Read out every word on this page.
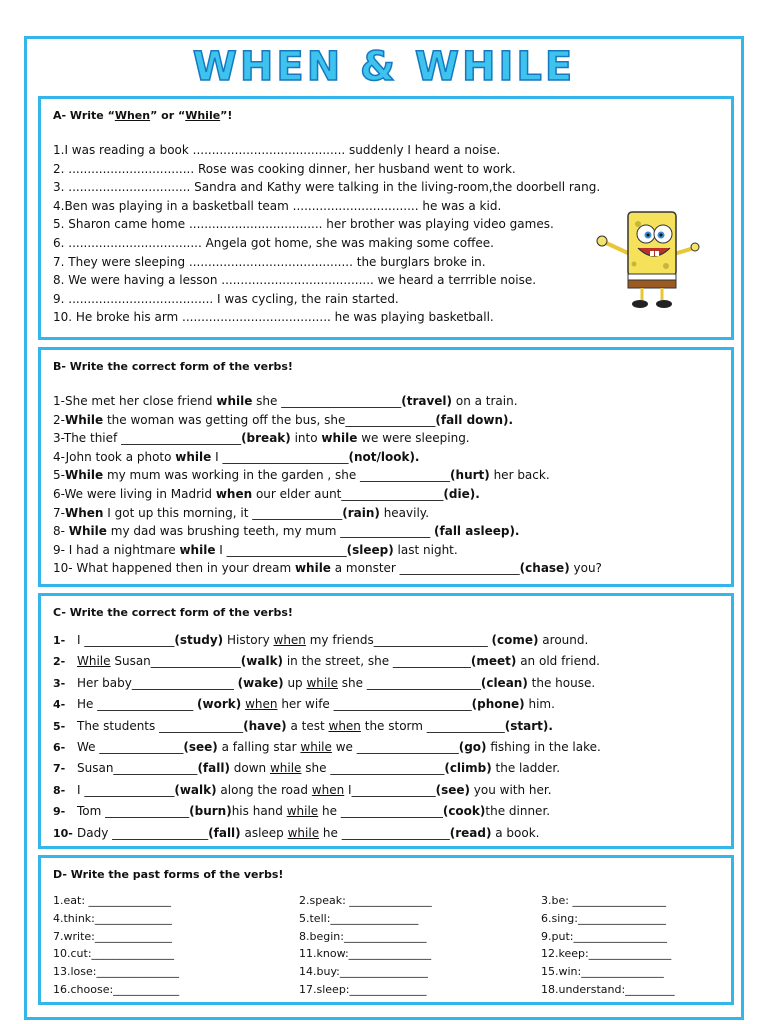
WHEN & WHILE
A- Write “When” or “While”!
1.I was reading a book ........................................ suddenly I heard a noise.
2. ................................. Rose was cooking dinner, her husband went to work.
3. ................................ Sandra and Kathy were talking in the living-room,the doorbell rang.
4.Ben was playing in a basketball team ................................. he was a kid.
5. Sharon came home ................................... her brother was playing video games.
6. ................................... Angela got home, she was making some coffee.
7. They were sleeping ........................................... the burglars broke in.
8. We were having a lesson ........................................ we heard a terrrible noise.
9. ...................................... I was cycling, the rain started.
10. He broke his arm ....................................... he was playing basketball.
B- Write the correct form of the verbs!
1-She met her close friend while she ____________________(travel) on a train.
2-While the woman was getting off the bus, she_______________(fall down).
3-The thief ____________________(break) into while we were sleeping.
4-John took a photo while I _____________________(not/look).
5-While my mum was working in the garden , she _______________(hurt) her back.
6-We were living in Madrid when our elder aunt_________________(die).
7-When I got up this morning, it _______________(rain) heavily.
8- While my dad was brushing teeth, my mum _______________ (fall asleep).
9- I had a nightmare while I ____________________(sleep) last night.
10- What happened then in your dream while a monster ____________________(chase) you?
C- Write the correct form of the verbs!
1- I _______________(study) History when my friends___________________ (come) around.
2- While Susan_______________(walk) in the street, she _____________(meet) an old friend.
3- Her baby_________________ (wake) up while she ___________________(clean) the house.
4- He ________________ (work) when her wife _______________________(phone) him.
5- The students ______________(have) a test when the storm _____________(start).
6- We ______________(see) a falling star while we _________________(go) fishing in the lake.
7- Susan______________(fall) down while she ___________________(climb) the ladder.
8- I _______________(walk) along the road when I______________(see) you with her.
9- Tom ______________(burn)his hand while he _________________(cook)the dinner.
10- Dady ________________(fall) asleep while he __________________(read) a book.
D- Write the past forms of the verbs!
1.eat: _______________	2.speak: _______________	3.be: _________________
4.think:______________	5.tell:________________	6.sing:________________
7.write:______________	8.begin:_______________	9.put:_________________
10.cut:_______________	11.know:_______________	12.keep:_______________
13.lose:_______________	14.buy:________________	15.win:_______________
16.choose:____________	17.sleep:______________	18.understand:_________
